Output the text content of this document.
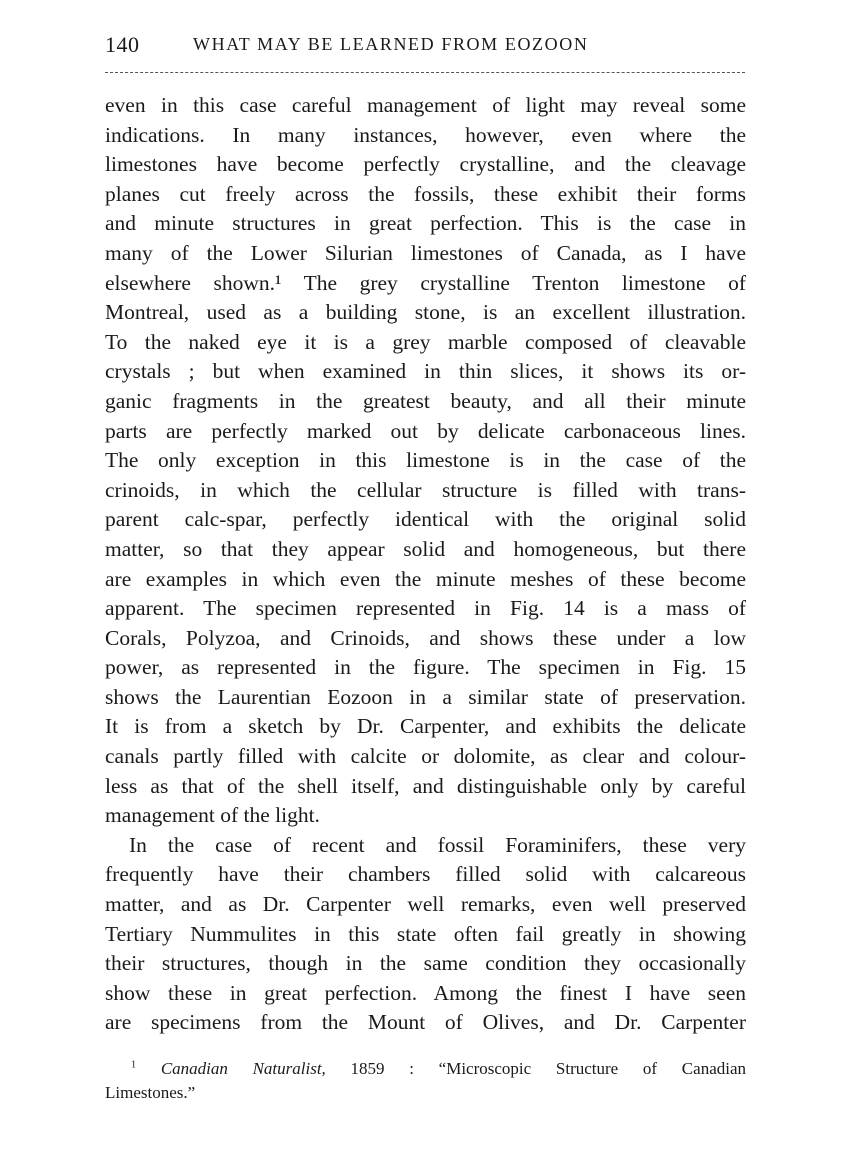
140	WHAT MAY BE LEARNED FROM EOZOON
even in this case careful management of light may reveal some
indications. In many instances, however, even where the
limestones have become perfectly crystalline, and the cleavage
planes cut freely across the fossils, these exhibit their forms
and minute structures in great perfection. This is the case in
many of the Lower Silurian limestones of Canada, as I have
elsewhere shown.¹ The grey crystalline Trenton limestone of
Montreal, used as a building stone, is an excellent illustration.
To the naked eye it is a grey marble composed of cleavable
crystals ; but when examined in thin slices, it shows its or-
ganic fragments in the greatest beauty, and all their minute
parts are perfectly marked out by delicate carbonaceous lines.
The only exception in this limestone is in the case of the
crinoids, in which the cellular structure is filled with trans-
parent calc-spar, perfectly identical with the original solid
matter, so that they appear solid and homogeneous, but there
are examples in which even the minute meshes of these become
apparent. The specimen represented in Fig. 14 is a mass of
Corals, Polyzoa, and Crinoids, and shows these under a low
power, as represented in the figure. The specimen in Fig. 15
shows the Laurentian Eozoon in a similar state of preservation.
It is from a sketch by Dr. Carpenter, and exhibits the delicate
canals partly filled with calcite or dolomite, as clear and colour-
less as that of the shell itself, and distinguishable only by careful
management of the light.
In the case of recent and fossil Foraminifers, these very
frequently have their chambers filled solid with calcareous
matter, and as Dr. Carpenter well remarks, even well preserved
Tertiary Nummulites in this state often fail greatly in showing
their structures, though in the same condition they occasionally
show these in great perfection. Among the finest I have seen
are specimens from the Mount of Olives, and Dr. Carpenter
$^1$ Canadian Naturalist, 1859 : “Microscopic Structure of Canadian
Limestones.”
